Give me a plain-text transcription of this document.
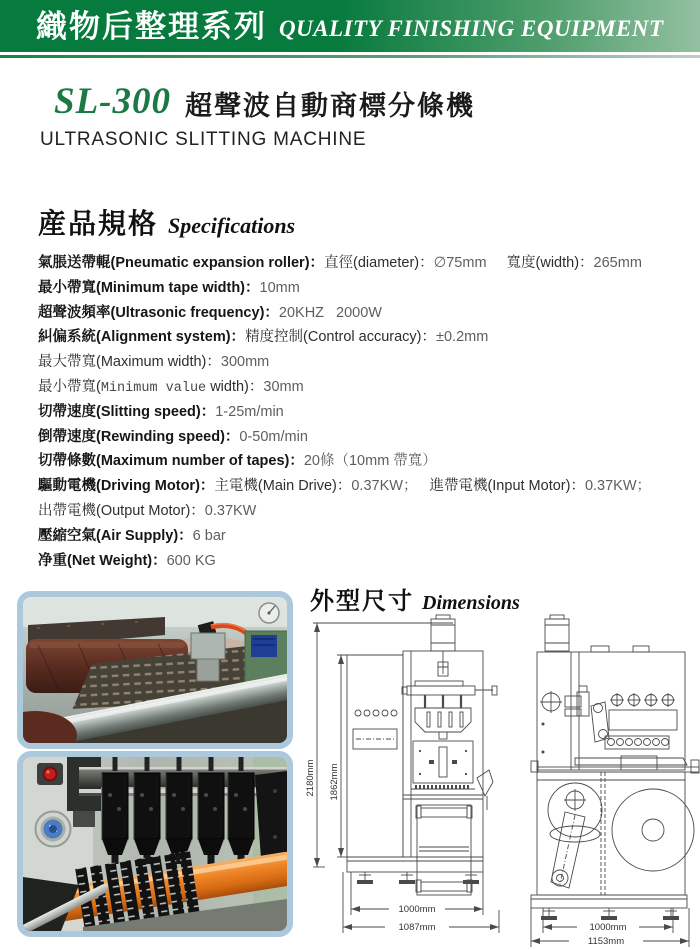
織物后整理系列 QUALITY FINISHING EQUIPMENT
SL-300 超聲波自動商標分條機
ULTRASONIC SLITTING MACHINE
産品規格 Specifications
氣脹送帶輥(Pneumatic expansion roller)：直徑(diameter)：∅75mm 寬度(width)：265mm
最小帶寬(Minimum tape width)：10mm
超聲波頻率(Ultrasonic frequency)：20KHZ 2000W
糾偏系統(Alignment system)：精度控制(Control accuracy)：±0.2mm
最大帶寬(Maximum width)：300mm
最小帶寬(Minimum value width)：30mm
切帶速度(Slitting speed)：1-25m/min
倒帶速度(Rewinding speed)：0-50m/min
切帶條數(Maximum number of tapes)：20條（10mm 帶寬）
驅動電機(Driving Motor)：主電機(Main Drive)：0.37KW； 進帶電機(Input Motor)：0.37KW；
出帶電機(Output Motor)：0.37KW
壓縮空氣(Air Supply)：6 bar
净重(Net Weight)：600 KG
外型尺寸 Dimensions
2180mm 1862mm
1000mm
1087mm	1000mm
1153mm
